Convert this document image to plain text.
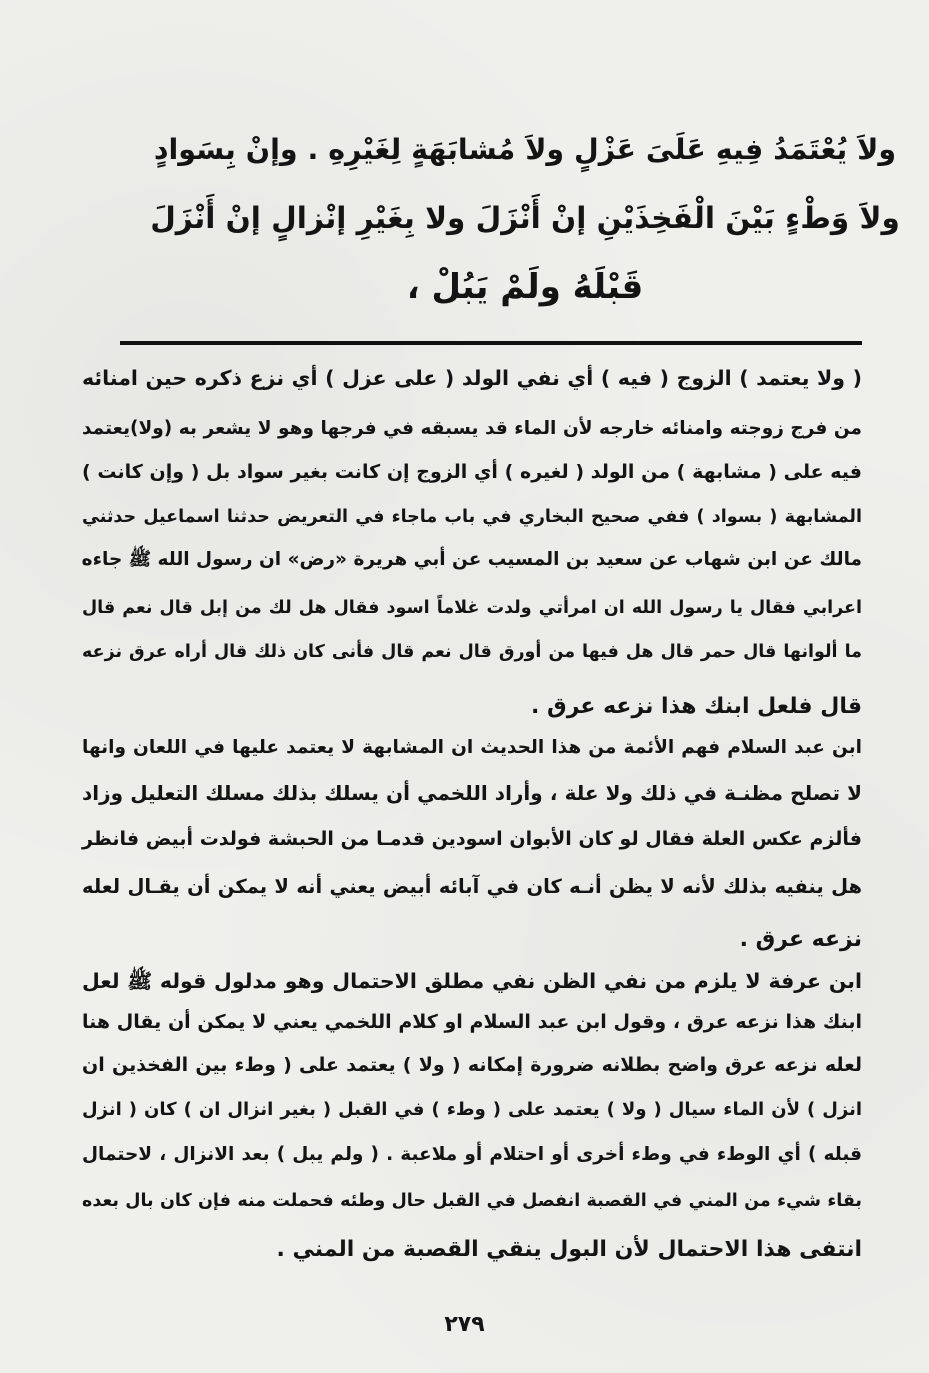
ولاَ يُعْتَمَدُ فِيهِ عَلَىَ عَزْلٍ ولاَ مُشابَهَةٍ لِغَيْرِهِ . وإنْ بِسَوادٍ
ولاَ وَطْءٍ بَيْنَ الْفَخِذَيْنِ إنْ أَنْزَلَ ولا بِغَيْرِ إنْزالٍ إنْ أَنْزَلَ
قَبْلَهُ ولَمْ يَبُلْ ،
( ولا يعتمد ) الزوج ( فيه ) أي نفي الولد ( على عزل ) أي نزع ذكره حين امنائه
من فرج زوجته وامنائه خارجه لأن الماء قد يسبقه في فرجها وهو لا يشعر به (ولا)يعتمد
فيه على ( مشابهة ) من الولد ( لغيره ) أي الزوج إن كانت بغير سواد بل ( وإن كانت )
المشابهة ( بسواد ) ففي صحيح البخاري في باب ماجاء في التعريض حدثنا اسماعيل حدثني
مالك عن ابن شهاب عن سعيد بن المسيب عن أبي هريرة «رض» ان رسول الله ﷺ جاءه
اعرابي فقال يا رسول الله ان امرأتي ولدت غلاماً اسود فقال هل لك من إبل قال نعم قال
ما ألوانها قال حمر قال هل فيها من أورق قال نعم قال فأنى كان ذلك قال أراه عرق نزعه
قال فلعل ابنك هذا نزعه عرق .
ابن عبد السلام فهم الأئمة من هذا الحديث ان المشابهة لا يعتمد عليها في اللعان وانها
لا تصلح مظنـة في ذلك ولا علة ، وأراد اللخمي أن يسلك بذلك مسلك التعليل وزاد
فألزم عكس العلة فقال لو كان الأبوان اسودين قدمـا من الحبشة فولدت أبيض فانظر
هل ينفيه بذلك لأنه لا يظن أنـه كان في آبائه أبيض يعني أنه لا يمكن أن يقـال لعله
نزعه عرق .
ابن عرفة لا يلزم من نفي الظن نفي مطلق الاحتمال وهو مدلول قوله ﷺ لعل
ابنك هذا نزعه عرق ، وقول ابن عبد السلام او كلام اللخمي يعني لا يمكن أن يقال هنا
لعله نزعه عرق واضح بطلانه ضرورة إمكانه ( ولا ) يعتمد على ( وطء بين الفخذين ان
انزل ) لأن الماء سيال ( ولا ) يعتمد على ( وطء ) في القبل ( بغير انزال ان ) كان ( انزل
قبله ) أي الوطء في وطء أخرى أو احتلام أو ملاعبة . ( ولم يبل ) بعد الانزال ، لاحتمال
بقاء شيء من المني في القصبة انفصل في القبل حال وطئه فحملت منه فإن كان بال بعده
انتفى هذا الاحتمال لأن البول ينقي القصبة من المني .
٢٧٩
